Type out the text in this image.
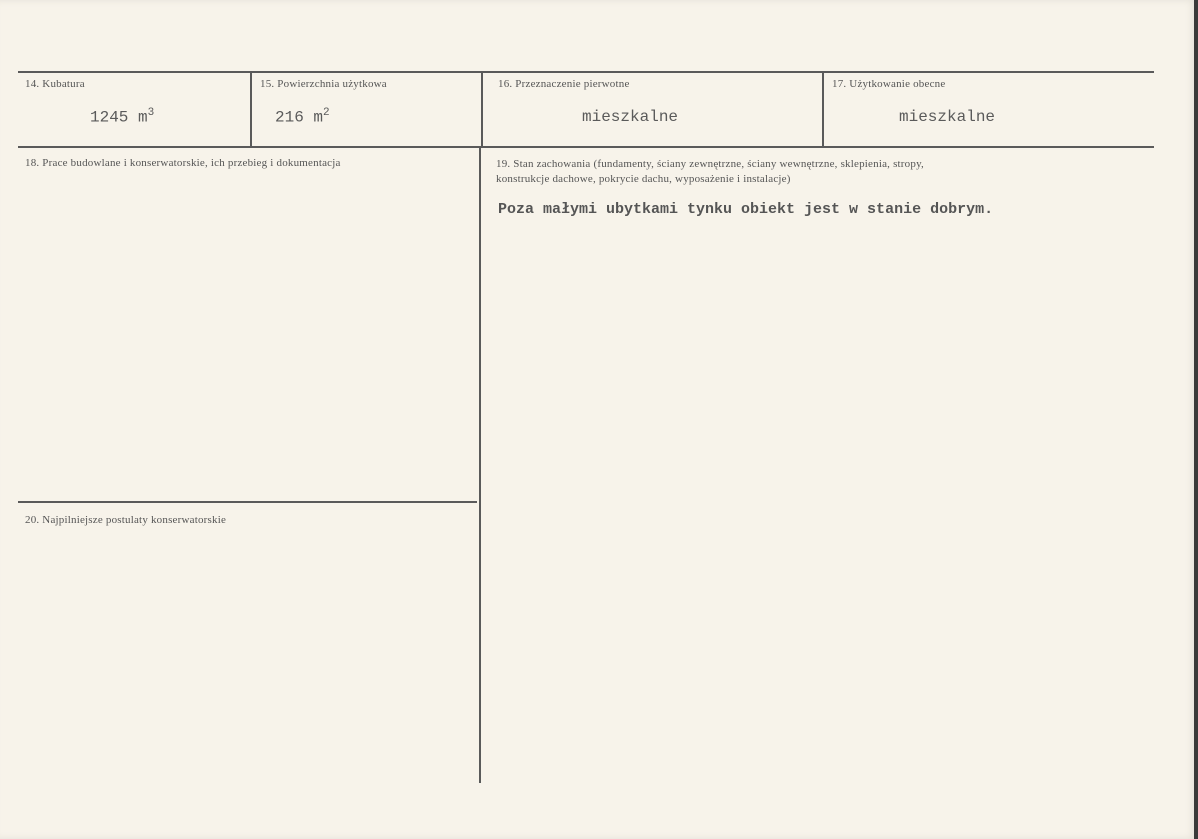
14. Kubatura
1245 $m^3$
15. Powierzchnia użytkowa
216 $m^2$
16. Przeznaczenie pierwotne
mieszkalne
17. Użytkowanie obecne
mieszkalne
18. Prace budowlane i konserwatorskie, ich przebieg i dokumentacja	19. Stan zachowania (fundamenty, ściany zewnętrzne, ściany wewnętrzne, sklepienia, stropy,
konstrukcje dachowe, pokrycie dachu, wyposażenie i instalacje)
Poza małymi ubytkami tynku obiekt jest w stanie dobrym.
20. Najpilniejsze postulaty konserwatorskie
